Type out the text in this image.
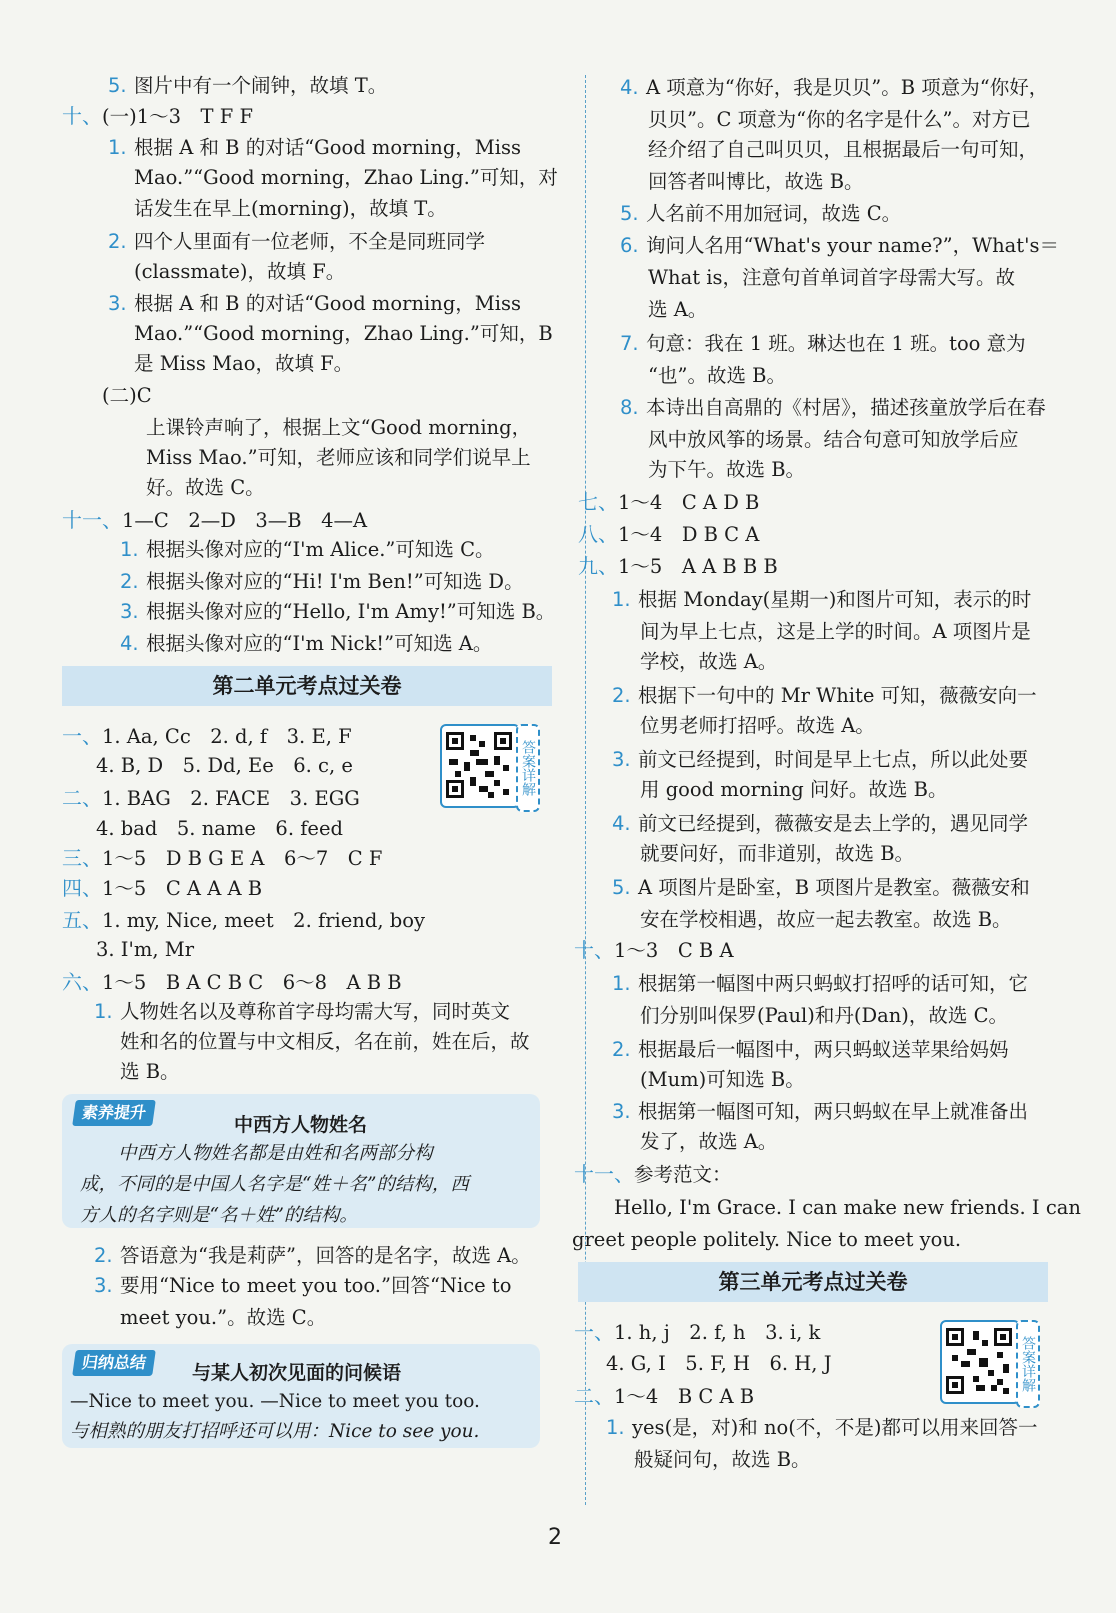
5. 图片中有一个闹钟，故填 T。
十、(一)1～3　T F F
1. 根据 A 和 B 的对话“Good morning，Miss
Mao.”“Good morning，Zhao Ling.”可知，对
话发生在早上(morning)，故填 T。
2. 四个人里面有一位老师，不全是同班同学
(classmate)，故填 F。
3. 根据 A 和 B 的对话“Good morning，Miss
Mao.”“Good morning，Zhao Ling.”可知，B
是 Miss Mao，故填 F。
(二)C
上课铃声响了，根据上文“Good morning，
Miss Mao.”可知，老师应该和同学们说早上
好。故选 C。
十一、1—C　2—D　3—B　4—A
1. 根据头像对应的“I'm Alice.”可知选 C。
2. 根据头像对应的“Hi! I'm Ben!”可知选 D。
3. 根据头像对应的“Hello, I'm Amy!”可知选 B。
4. 根据头像对应的“I'm Nick!”可知选 A。
第二单元考点过关卷
答案详解
一、1. Aa, Cc　2. d, f　3. E, F
4. B, D　5. Dd, Ee　6. c, e
二、1. BAG　2. FACE　3. EGG
4. bad　5. name　6. feed
三、1～5　D B G E A　6～7　C F
四、1～5　C A A A B
五、1. my, Nice, meet　2. friend, boy
3. I'm, Mr
六、1～5　B A C B C　6～8　A B B
1. 人物姓名以及尊称首字母均需大写，同时英文
姓和名的位置与中文相反，名在前，姓在后，故
选 B。
素养提升
中西方人物姓名
中西方人物姓名都是由姓和名两部分构
成，不同的是中国人名字是“姓＋名”的结构，西
方人的名字则是“名＋姓”的结构。
2. 答语意为“我是莉萨”，回答的是名字，故选 A。
3. 要用“Nice to meet you too.”回答“Nice to
meet you.”。故选 C。
归纳总结	与某人初次见面的问候语
—Nice to meet you. —Nice to meet you too.
与相熟的朋友打招呼还可以用：Nice to see you.
4. A 项意为“你好，我是贝贝”。B 项意为“你好，
贝贝”。C 项意为“你的名字是什么”。对方已
经介绍了自己叫贝贝，且根据最后一句可知，
回答者叫博比，故选 B。
5. 人名前不用加冠词，故选 C。
6. 询问人名用“What's your name?”，What's＝
What is，注意句首单词首字母需大写。故
选 A。
7. 句意：我在 1 班。琳达也在 1 班。too 意为
“也”。故选 B。
8. 本诗出自高鼎的《村居》，描述孩童放学后在春
风中放风筝的场景。结合句意可知放学后应
为下午。故选 B。
七、1～4　C A D B
八、1～4　D B C A
九、1～5　A A B B B
1. 根据 Monday(星期一)和图片可知，表示的时
间为早上七点，这是上学的时间。A 项图片是
学校，故选 A。
2. 根据下一句中的 Mr White 可知，薇薇安向一
位男老师打招呼。故选 A。
3. 前文已经提到，时间是早上七点，所以此处要
用 good morning 问好。故选 B。
4. 前文已经提到，薇薇安是去上学的，遇见同学
就要问好，而非道别，故选 B。
5. A 项图片是卧室，B 项图片是教室。薇薇安和
安在学校相遇，故应一起去教室。故选 B。
十、1～3　C B A
1. 根据第一幅图中两只蚂蚁打招呼的话可知，它
们分别叫保罗(Paul)和丹(Dan)，故选 C。
2. 根据最后一幅图中，两只蚂蚁送苹果给妈妈
(Mum)可知选 B。
3. 根据第一幅图可知，两只蚂蚁在早上就准备出
发了，故选 A。
十一、参考范文：
Hello, I'm Grace. I can make new friends. I can
greet people politely. Nice to meet you.
第三单元考点过关卷
答案详解
一、1. h, j　2. f, h　3. i, k
4. G, I　5. F, H　6. H, J
二、1～4　B C A B
1. yes(是，对)和 no(不，不是)都可以用来回答一
般疑问句，故选 B。
2
